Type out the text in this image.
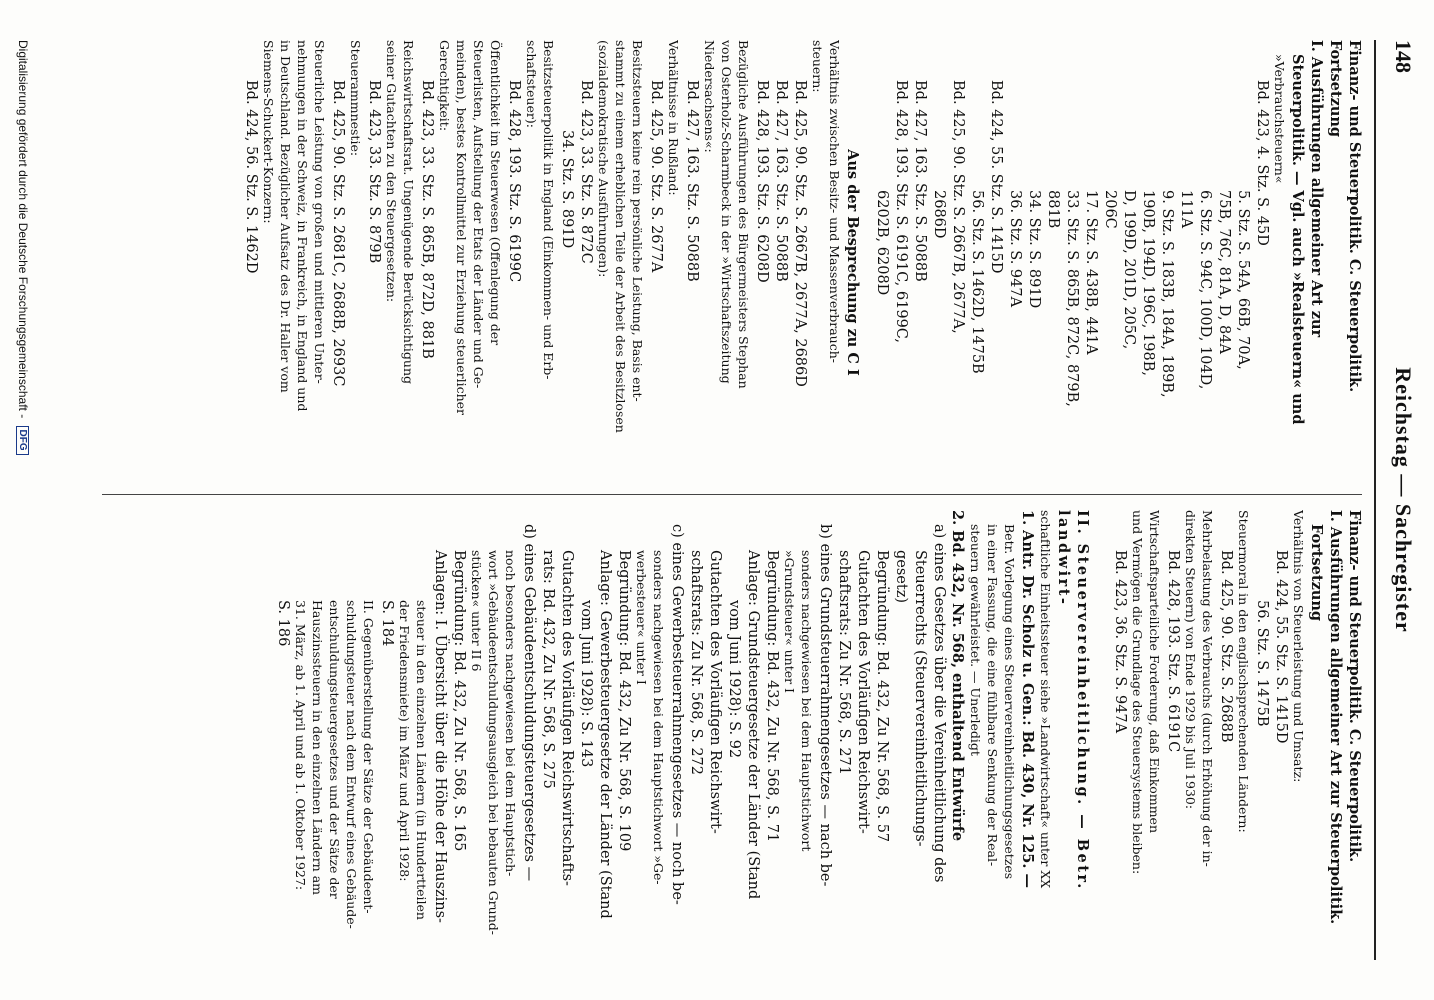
148
Reichstag — Sachregister
Finanz- und Steuerpolitik. C. Steuerpolitik. Fortsetzung
I. Ausführungen allgemeiner Art zur
Steuerpolitik. — Vgl. auch »Realsteuern« und
»Verbrauchsteuern«
Bd. 423, 4. Stz. S. 45D
5. Stz. S. 54A, 66B, 70A,
75B, 76C, 81A, D, 84A
6. Stz. S. 94C, 100D, 104D,
111A
9. Stz. S. 183B, 184A, 189B,
190B, 194D, 196C, 198B,
D, 199D, 201D, 205C,
206C
17. Stz. S. 438B, 441A
33. Stz. S. 865B, 872C, 879B,
881B
34. Stz. S. 891D
36. Stz. S. 947A
Bd. 424, 55. Stz. S. 1415D
56. Stz. S. 1462D, 1475B
Bd. 425, 90. Stz. S. 2667B, 2677A,
2686D
Bd. 427, 163. Stz. S. 5088B
Bd. 428, 193. Stz. S. 6191C, 6199C,
6202B, 6208D
Aus der Besprechung zu C I
Verhältnis zwischen Besitz- und Massenverbrauch-
steuern:
Bd. 425, 90. Stz. S. 2667B, 2677A, 2686D
Bd. 427, 163. Stz. S. 5088B
Bd. 428, 193. Stz. S. 6208D
Bezügliche Ausführungen des Bürgermeisters Stephan
von Osterholz-Scharmbeck in der »Wirtschaftszeitung
Niedersachsens«:
Bd. 427, 163. Stz. S. 5088B
Verhältnisse in Rußland:
Bd. 425, 90. Stz. S. 2677A
Besitzsteuern keine rein persönliche Leistung, Basis ent-
stammt zu einem erheblichen Teile der Arbeit des Besitzlosen
(sozialdemokratische Ausführungen):
Bd. 423, 33. Stz. S. 872C
34. Stz. S. 891D
Besitzsteuerpolitik in England (Einkommen- und Erb-
schaftsteuer):
Bd. 428, 193. Stz. S. 6199C
Öffentlichkeit im Steuerwesen (Offenlegung der
Steuerlisten, Aufstellung der Etats der Länder und Ge-
meinden), bestes Kontrollmittel zur Erziehung steuerlicher
Gerechtigkeit:
Bd. 423, 33. Stz. S. 865B, 872D, 881B
Reichswirtschaftsrat. Ungenügende Berücksichtigung
seiner Gutachten zu den Steuergesetzen:
Bd. 423, 33. Stz. S. 879B
Steuerammnestie:
Bd. 425, 90. Stz. S. 2681C, 2688B, 2693C
Steuerliche Leistung von großen und mittleren Unter-
nehmungen in der Schweiz, in Frankreich, in England und
in Deutschland. Bezüglicher Aufsatz des Dr. Haller vom
Siemens-Schuckert-Konzern:
Bd. 424, 56. Stz. S. 1462D
Finanz- und Steuerpolitik. C. Steuerpolitik.
I. Ausführungen allgemeiner Art zur Steuerpolitik.
Fortsetzung
Verhältnis von Steuerleistung und Umsatz:
Bd. 424, 55. Stz. S. 1415D
56. Stz. S. 1475B
Steuermoral in den englischsprechenden Ländern:
Bd. 425, 90. Stz. S. 2688B
Mehrbelastung des Verbrauchs (durch Erhöhung der in-
direkten Steuern) von Ende 1929 bis Juli 1930:
Bd. 428, 193. Stz. S. 6191C
Wirtschaftsparteiliche Forderung, daß Einkommen
und Vermögen die Grundlage des Steuersystems bleiben:
Bd. 423, 36. Stz. S. 947A
II. Steuervereinheitlichung. — Betr. landwirt-
schaftliche Einheitssteuer siehe »Landwirtschaft« unter XX
1. Antr. Dr. Scholz u. Gen.: Bd. 430, Nr. 125. —
Betr. Vorlegung eines Steuervereinheitlichungsgesetzes
in einer Fassung, die eine fühlbare Senkung der Real-
steuern gewährleistet. — Unerledigt
2. Bd. 432, Nr. 568, enthaltend Entwürfe
a) eines Gesetzes über die Vereinheitlichung des
Steuerrechts (Steuervereinheitlichungs-
gesetz)
Begründung: Bd. 432, Zu Nr. 568, S. 57
Gutachten des Vorläufigen Reichswirt-
schaftsrats: Zu Nr. 568, S. 271
b) eines Grundsteuerrahmengesetzes — nach be-
sonders nachgewiesen bei dem Hauptstichwort
»Grundsteuer« unter I
Begründung: Bd. 432, Zu Nr. 568, S. 71
Anlage: Grundsteuergesetze der Länder (Stand
vom Juni 1928): S. 92
Gutachten des Vorläufigen Reichswirt-
schaftsrats: Zu Nr. 568, S. 272
c) eines Gewerbesteuerrahmengesetzes — noch be-
sonders nachgewiesen bei dem Hauptstichwort »Ge-
werbesteuer« unter I
Begründung: Bd. 432, Zu Nr. 568, S. 109
Anlage: Gewerbesteuergesetze der Länder (Stand
vom Juni 1928): S. 143
Gutachten des Vorläufigen Reichswirtschafts-
rats: Bd. 432, Zu Nr. 568, S. 275
d) eines Gebäudeentschuldungsteuergesetzes —
noch besonders nachgewiesen bei dem Hauptstich-
wort »Gebäudeentschuldungsausgleich bei bebauten Grund-
stücken« unter II 6
Begründung: Bd. 432, Zu Nr. 568, S. 165
Anlagen: I. Übersicht über die Höhe der Hauszins-
steuer in den einzelnen Ländern (in Hundertteilen
der Friedensmiete) im März und April 1928:
S. 184
II. Gegenüberstellung der Sätze der Gebäudeent-
schuldungsteuer nach dem Entwurf eines Gebäude-
entschuldungsteuergesetzes und der Sätze der
Hauszinssteuern in den einzelnen Ländern am
31. März, ab 1. April und ab 1. Oktober 1927:
S. 186
Digitalisierung gefördert durch die Deutsche Forschungsgemeinschaft - DFG
